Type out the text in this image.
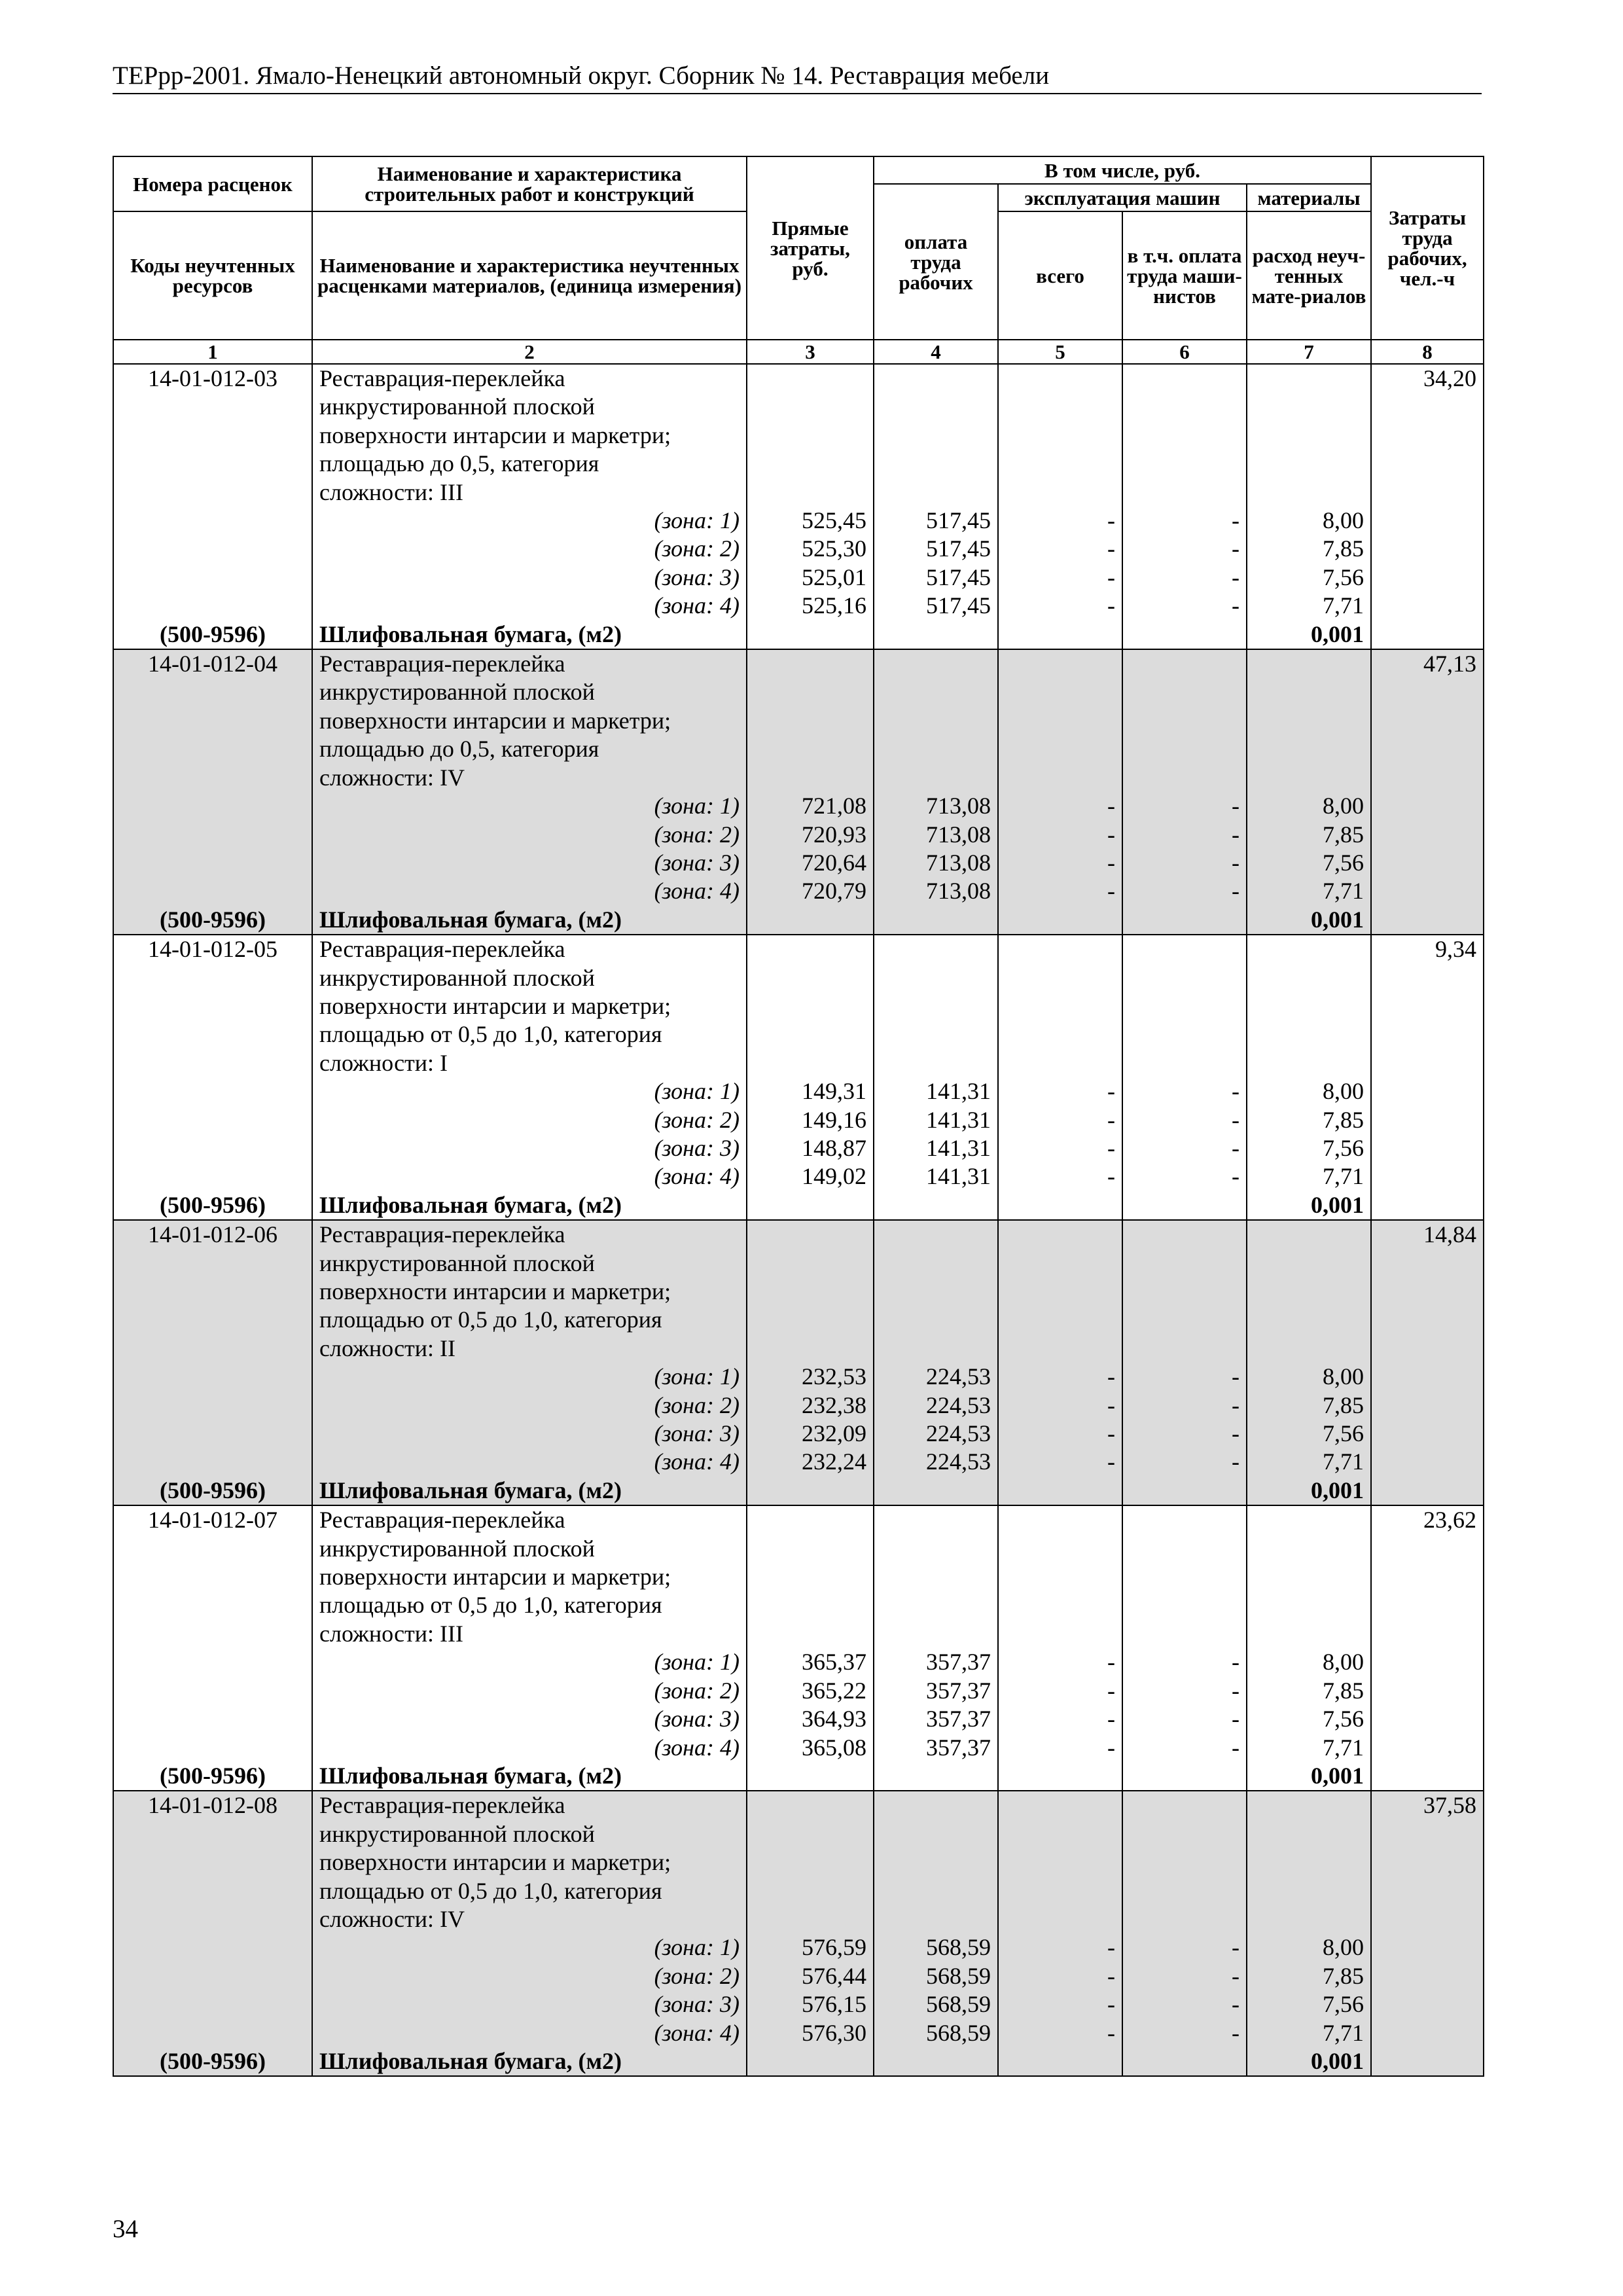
ТЕРрр-2001. Ямало-Ненецкий автономный округ. Сборник № 14. Реставрация мебели
Номера расценок	Наименование и характеристика строительных работ и конструкций	Прямые затраты, руб.	В том числе, руб.				Затраты труда рабочих, чел.-ч
			оплата труда рабочих	эксплуатация машин		материалы	
Коды неучтенных ресурсов	Наименование и характеристика неучтенных расценками материалов, (единица измерения)			всего	в т.ч. оплата труда маши-нистов	расход неуч-тенных мате-риалов	
1	2	3	4	5	6	7	8
14-01-012-03	Реставрация-переклейка						34,20
	инкрустированной плоской						
	поверхности интарсии и маркетри;						
	площадью до 0,5, категория						
	сложности: III						
	(зона: 1)	525,45	517,45	-	-	8,00	
	(зона: 2)	525,30	517,45	-	-	7,85	
	(зона: 3)	525,01	517,45	-	-	7,56	
	(зона: 4)	525,16	517,45	-	-	7,71	
(500-9596)	Шлифовальная бумага, (м2)					0,001	
14-01-012-04	Реставрация-переклейка						47,13
	инкрустированной плоской						
	поверхности интарсии и маркетри;						
	площадью до 0,5, категория						
	сложности: IV						
	(зона: 1)	721,08	713,08	-	-	8,00	
	(зона: 2)	720,93	713,08	-	-	7,85	
	(зона: 3)	720,64	713,08	-	-	7,56	
	(зона: 4)	720,79	713,08	-	-	7,71	
(500-9596)	Шлифовальная бумага, (м2)					0,001	
14-01-012-05	Реставрация-переклейка						9,34
	инкрустированной плоской						
	поверхности интарсии и маркетри;						
	площадью от 0,5 до 1,0, категория						
	сложности: I						
	(зона: 1)	149,31	141,31	-	-	8,00	
	(зона: 2)	149,16	141,31	-	-	7,85	
	(зона: 3)	148,87	141,31	-	-	7,56	
	(зона: 4)	149,02	141,31	-	-	7,71	
(500-9596)	Шлифовальная бумага, (м2)					0,001	
14-01-012-06	Реставрация-переклейка						14,84
	инкрустированной плоской						
	поверхности интарсии и маркетри;						
	площадью от 0,5 до 1,0, категория						
	сложности: II						
	(зона: 1)	232,53	224,53	-	-	8,00	
	(зона: 2)	232,38	224,53	-	-	7,85	
	(зона: 3)	232,09	224,53	-	-	7,56	
	(зона: 4)	232,24	224,53	-	-	7,71	
(500-9596)	Шлифовальная бумага, (м2)					0,001	
14-01-012-07	Реставрация-переклейка						23,62
	инкрустированной плоской						
	поверхности интарсии и маркетри;						
	площадью от 0,5 до 1,0, категория						
	сложности: III						
	(зона: 1)	365,37	357,37	-	-	8,00	
	(зона: 2)	365,22	357,37	-	-	7,85	
	(зона: 3)	364,93	357,37	-	-	7,56	
	(зона: 4)	365,08	357,37	-	-	7,71	
(500-9596)	Шлифовальная бумага, (м2)					0,001	
14-01-012-08	Реставрация-переклейка						37,58
	инкрустированной плоской						
	поверхности интарсии и маркетри;						
	площадью от 0,5 до 1,0, категория						
	сложности: IV						
	(зона: 1)	576,59	568,59	-	-	8,00	
	(зона: 2)	576,44	568,59	-	-	7,85	
	(зона: 3)	576,15	568,59	-	-	7,56	
	(зона: 4)	576,30	568,59	-	-	7,71	
(500-9596)	Шлифовальная бумага, (м2)					0,001	
34
